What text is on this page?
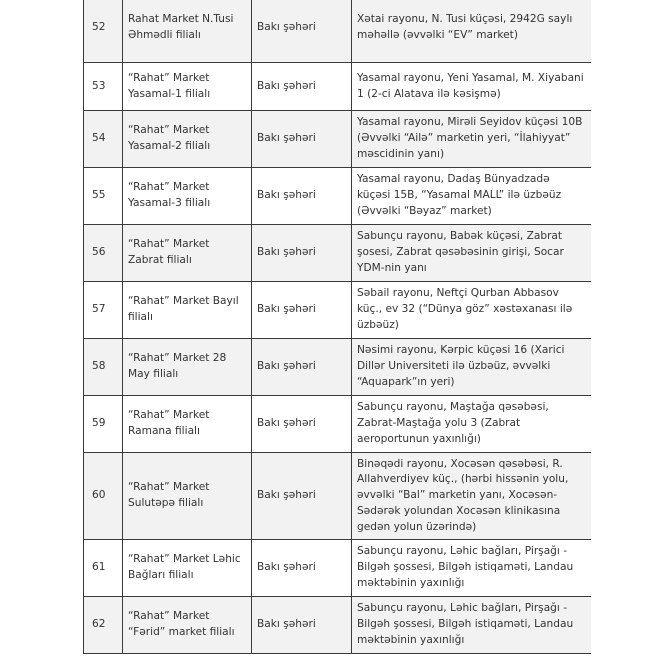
52	Rahat Market N.Tusi Əhmədli filialı	Bakı şəhəri	Xətai rayonu, N. Tusi küçəsi, 2942G saylı məhəllə (əvvəlki “EV” market)
53	“Rahat” Market Yasamal-1 filialı	Bakı şəhəri	Yasamal rayonu, Yeni Yasamal, M. Xiyabani 1 (2-ci Alatava ilə kəsişmə)
54	“Rahat” Market Yasamal-2 filialı	Bakı şəhəri	Yasamal rayonu, Mirəli Seyidov küçəsi 10B (Əvvəlki “Ailə” marketin yeri, “İlahiyyat” məscidinin yanı)
55	“Rahat” Market Yasamal-3 filialı	Bakı şəhəri	Yasamal rayonu, Dadaş Bünyadzadə küçəsi 15B, “Yasamal MALL” ilə üzbəüz (Əvvəlki “Bəyaz” market)
56	“Rahat” Market Zabrat filialı	Bakı şəhəri	Sabunçu rayonu, Babək küçəsi, Zabrat şosesi, Zabrat qəsəbəsinin girişi, Socar YDM-nin yanı
57	“Rahat” Market Bayıl filialı	Bakı şəhəri	Səbail rayonu, Neftçi Qurban Abbasov küç., ev 32 (“Dünya göz” xəstəxanası ilə üzbəüz)
58	“Rahat” Market 28 May filialı	Bakı şəhəri	Nəsimi rayonu, Kərpic küçəsi 16 (Xarici Dillər Universiteti ilə üzbəüz, əvvəlki “Aquapark”ın yeri)
59	“Rahat” Market Ramana filialı	Bakı şəhəri	Sabunçu rayonu, Maştağa qəsəbəsi, Zabrat-Maştağa yolu 3 (Zabrat aeroportunun yaxınlığı)
60	“Rahat” Market Sulutəpə filialı	Bakı şəhəri	Binəqədi rayonu, Xocəsən qəsəbəsi, R. Allahverdiyev küç., (hərbi hissənin yolu, əvvəlki “Bal” marketin yanı, Xocəsən-Sədərək yolundan Xocəsən klinikasına gedən yolun üzərində)
61	“Rahat” Market Ləhic Bağları filialı	Bakı şəhəri	Sabunçu rayonu, Ləhic bağları, Pirşağı - Bilgəh şossesi, Bilgəh istiqaməti, Landau məktəbinin yaxınlığı
62	“Rahat” Market “Fərid” market filialı	Bakı şəhəri	Sabunçu rayonu, Ləhic bağları, Pirşağı - Bilgəh şossesi, Bilgəh istiqaməti, Landau məktəbinin yaxınlığı
